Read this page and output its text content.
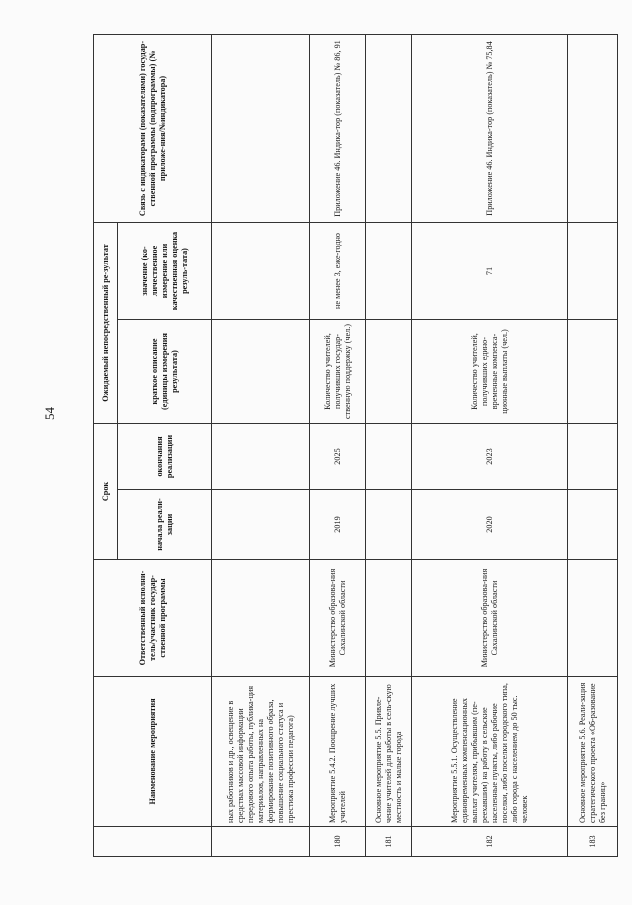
54
	Наименование мероприятия	Ответственный исполни-тель/участник государ-ственной программы	Срок		Ожидаемый непосредственный ре-зультат		Связь с индикаторами (показателями) государ-ственной программы (подпрограммы) (№ приложе-ния/№индикатора)
			начала реали-зации	окончания реализации	краткое описание (единицы измерения результата)	значение (ко-личественное измерение или качественная оценка резуль-тата)	
	ных работников и др., освещение в средствах массовой информации передового опыта работы, публика-ция материалов, направленных на формирование позитивного образа, повышение социального статуса и престижа профессии педагога)						
180	Мероприятие 5.4.2. Поощрение лучших учителей	Министерство образова-ния Сахалинской области	2019	2025	Количество учителей, получивших государ-ственную поддержку (чел.)	не менее 3, еже-годно	Приложение 46. Индика-тор (показатель) № 86, 91
181	Основное мероприятие 5.5. Привле-чение учителей для работы в сель-скую местность и малые города						
182	Мероприятие 5.5.1. Осуществление единовременных компенсационных выплат учителям, прибывшим (пе-реехавшим) на работу в сельские населенные пункты, либо рабочие поселки, либо поселки городского типа, либо города с населением до 50 тыс. человек	Министерство образова-ния Сахалинской области	2020	2023	Количество учителей, получивших едино-временные компенса-ционные выплаты (чел.)	71	Приложение 46. Индика-тор (показатель) № 75,84
183	Основное мероприятие 5.6. Реали-зация стратегического проекта «Об-разование без границ»						
